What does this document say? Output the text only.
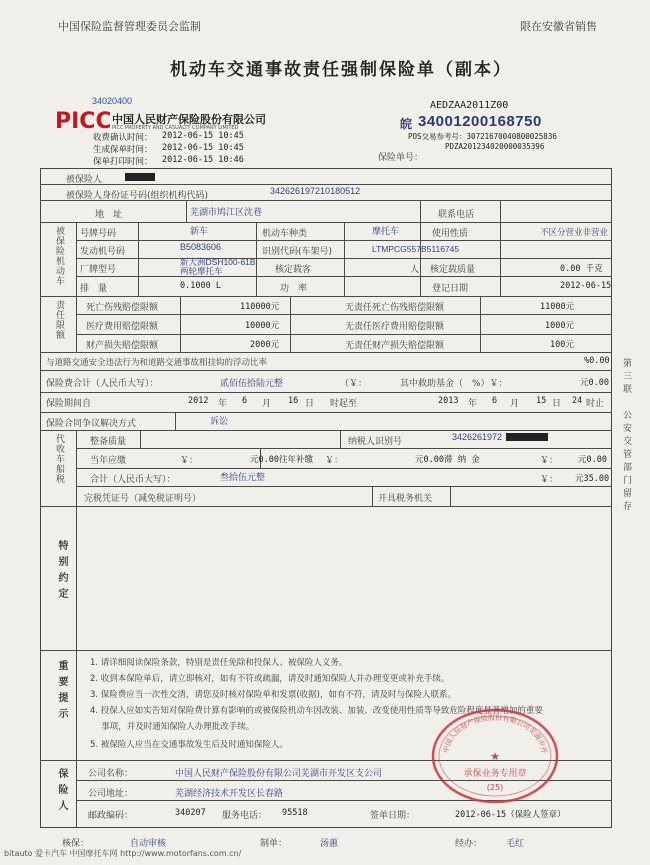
中国保险监督管理委员会监制	限在安徽省销售
机动车交通事故责任强制保险单（副本）
34020400
PICC 中国人民财产保险股份有限公司
PICC PROPERTY AND CASUALTY COMPANY LIMITED
收费确认时间： 2012-06-15 10:45
生成保单时间： 2012-06-15 10:45
保单打印时间： 2012-06-15 10:46
AEDZAA2011Z00
皖 34001200168750
POS交易参考号：30721670040800025836
保险单号：
PDZA201234020000035396
被保险人
被保险人身份证号码(组织机构代码)	342626197210180512
地　址	芜湖市鸠江区沈巷	联系电话
被保险机动车 号牌号码	新车	机动车种类	摩托车	使用性质	不区分营业非营业
发动机号码	B5083606	识别代码(车架号)	LTMPCG557B5116745
厂牌型号
新大洲DSH100-61B两轮摩托车	核定载客	人 核定载质量	0.00 千克
排　量	0.1000 L	功　率	登记日期	2012-06-15
责任限额 死亡伤残赔偿限额	110000元	无责任死亡伤残赔偿限额	11000元
医疗费用赔偿限额	10000元	无责任医疗费用赔偿限额	1000元
财产损失赔偿限额	2000元	无责任财产损失赔偿限额	100元
与道路交通安全违法行为和道路交通事故相挂钩的浮动比率	%0.00
保险费合计（人民币大写）：	贰佰伍拾陆元整	（￥：	其中救助基金（　%）￥：	元0.00
保险期间自	2012 年 6 月 16 日 时起至	2013 年 6 月 15 日 24 时止
保险合同争议解决方式	诉讼
代收车船税	整备质量	纳税人识别号	3426261972
当年应缴	￥：	元0.00往年补缴 ￥：	元0.00滞 纳 金	￥： 元0.00
合计（人民币大写）：	叁拾伍元整	￥： 元35.00
完税凭证号（减免税证明号）	开具税务机关
特别约定
重要提示	1. 请详细阅读保险条款，特别是责任免除和投保人、被保险人义务。
2. 收到本保险单后，请立即核对，如有不符或疏漏，请及时通知保险人并办理变更或补充手续。
3. 保险费应当一次性交清，请您及时核对保险单和发票(收据)，如有不符，请及时与保险人联系。
4. 投保人应如实告知对保险费计算有影响的或被保险机动车因改装、加装、改变使用性质等导致危险程度显著增加的重要
　 事项，并及时通知保险人办理批改手续。
5. 被保险人应当在交通事故发生后及时通知保险人。
保险人 公司名称：	中国人民财产保险股份有限公司芜湖市开发区支公司
公司地址：	芜湖经济技术开发区长春路
邮政编码：	340207 服务电话： 95518	签单日期：	2012-06-15（保险人签章）
第三联　公安交管部门留存
核保：	自动审核	制单：	汤蕙	经办：	毛红
bitauto 爱卡汽车 中国摩托车网 http://www.motorfans.com.cn/
中国人民财产保险股份有限公司芜湖市开
★
承保业务专用章
(25)
